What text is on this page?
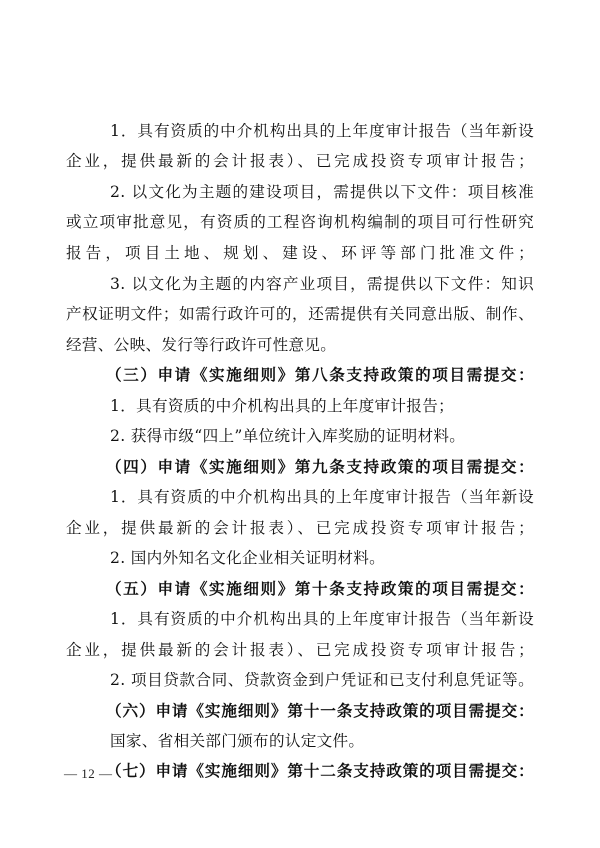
1．具有资质的中介机构出具的上年度审计报告（当年新设
企业，提供最新的会计报表）、已完成投资专项审计报告；
2. 以文化为主题的建设项目，需提供以下文件：项目核准
或立项审批意见，有资质的工程咨询机构编制的项目可行性研究
报告，项目土地、规划、建设、环评等部门批准文件；
3. 以文化为主题的内容产业项目，需提供以下文件：知识
产权证明文件；如需行政许可的，还需提供有关同意出版、制作、
经营、公映、发行等行政许可性意见。
（三）申请《实施细则》第八条支持政策的项目需提交：
1．具有资质的中介机构出具的上年度审计报告；
2. 获得市级“四上”单位统计入库奖励的证明材料。
（四）申请《实施细则》第九条支持政策的项目需提交：
1．具有资质的中介机构出具的上年度审计报告（当年新设
企业，提供最新的会计报表）、已完成投资专项审计报告；
2. 国内外知名文化企业相关证明材料。
（五）申请《实施细则》第十条支持政策的项目需提交：
1．具有资质的中介机构出具的上年度审计报告（当年新设
企业，提供最新的会计报表）、已完成投资专项审计报告；
2. 项目贷款合同、贷款资金到户凭证和已支付利息凭证等。
（六）申请《实施细则》第十一条支持政策的项目需提交：
国家、省相关部门颁布的认定文件。
（七）申请《实施细则》第十二条支持政策的项目需提交：
— 12 —
